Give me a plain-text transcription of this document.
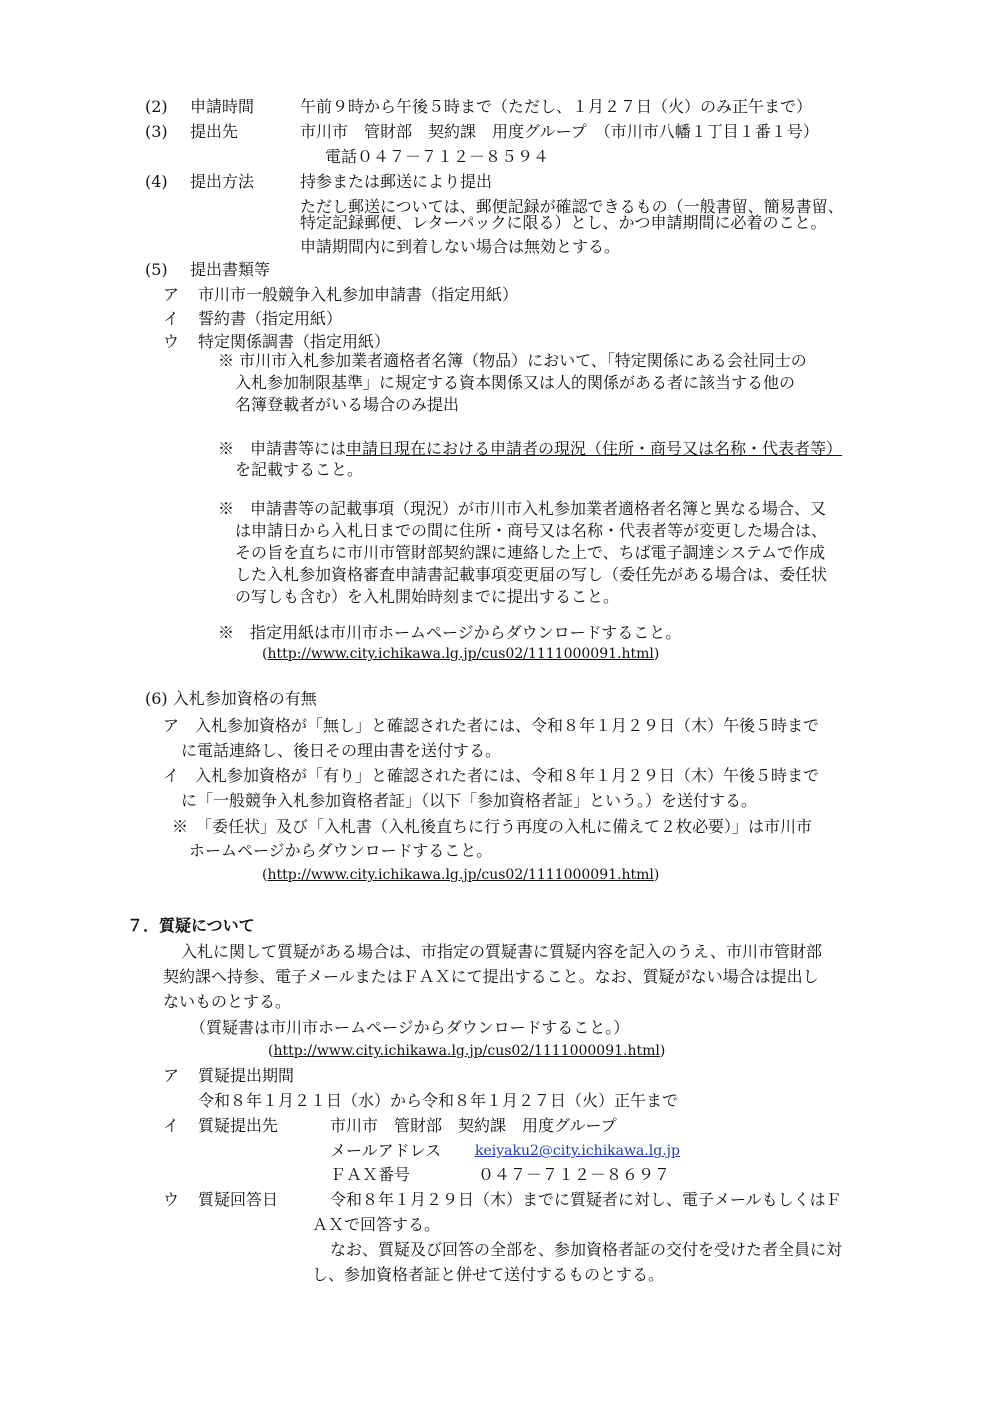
(2) 申請時間	午前９時から午後５時まで（ただし、１月２７日（火）のみ正午まで）
(3) 提出先	市川市　管財部　契約課　用度グループ　（市川市八幡１丁目１番１号）
電話０４７－７１２－８５９４
(4) 提出方法	持参または郵送により提出
ただし郵送については、郵便記録が確認できるもの（一般書留、簡易書留、
特定記録郵便、レターパックに限る）とし、かつ申請期間に必着のこと。
申請期間内に到着しない場合は無効とする。
(5) 提出書類等
ア 市川市一般競争入札参加申請書（指定用紙）
イ 誓約書（指定用紙）
ウ 特定関係調書（指定用紙）
※ 市川市入札参加業者適格者名簿（物品）において、「特定関係にある会社同士の
入札参加制限基準」に規定する資本関係又は人的関係がある者に該当する他の
名簿登載者がいる場合のみ提出
※　申請書等には申請日現在における申請者の現況（住所・商号又は名称・代表者等）
を記載すること。
※　申請書等の記載事項（現況）が市川市入札参加業者適格者名簿と異なる場合、又
は申請日から入札日までの間に住所・商号又は名称・代表者等が変更した場合は、
その旨を直ちに市川市管財部契約課に連絡した上で、ちば電子調達システムで作成
した入札参加資格審査申請書記載事項変更届の写し（委任先がある場合は、委任状
の写しも含む）を入札開始時刻までに提出すること。
※　指定用紙は市川市ホームページからダウンロードすること。
(http://www.city.ichikawa.lg.jp/cus02/1111000091.html)
(6) 入札参加資格の有無
ア　入札参加資格が「無し」と確認された者には、令和８年１月２９日（木）午後５時まで
に電話連絡し、後日その理由書を送付する。
イ　入札参加資格が「有り」と確認された者には、令和８年１月２９日（木）午後５時まで
に「一般競争入札参加資格者証」（以下「参加資格者証」という。）を送付する。
※　「委任状」及び「入札書（入札後直ちに行う再度の入札に備えて２枚必要）」は市川市
ホームページからダウンロードすること。
(http://www.city.ichikawa.lg.jp/cus02/1111000091.html)
７．質疑について
入札に関して質疑がある場合は、市指定の質疑書に質疑内容を記入のうえ、市川市管財部
契約課へ持参、電子メールまたはＦＡＸにて提出すること。なお、質疑がない場合は提出し
ないものとする。
（質疑書は市川市ホームページからダウンロードすること。）
(http://www.city.ichikawa.lg.jp/cus02/1111000091.html)
ア 質疑提出期間
令和８年１月２１日（水）から令和８年１月２７日（火）正午まで
イ 質疑提出先	市川市　管財部　契約課　用度グループ
メールアドレス keiyaku2@city.ichikawa.lg.jp
ＦＡＸ番号	０４７－７１２－８６９７
ウ 質疑回答日	令和８年１月２９日（木）までに質疑者に対し、電子メールもしくはＦ
ＡＸで回答する。
なお、質疑及び回答の全部を、参加資格者証の交付を受けた者全員に対
し、参加資格者証と併せて送付するものとする。
